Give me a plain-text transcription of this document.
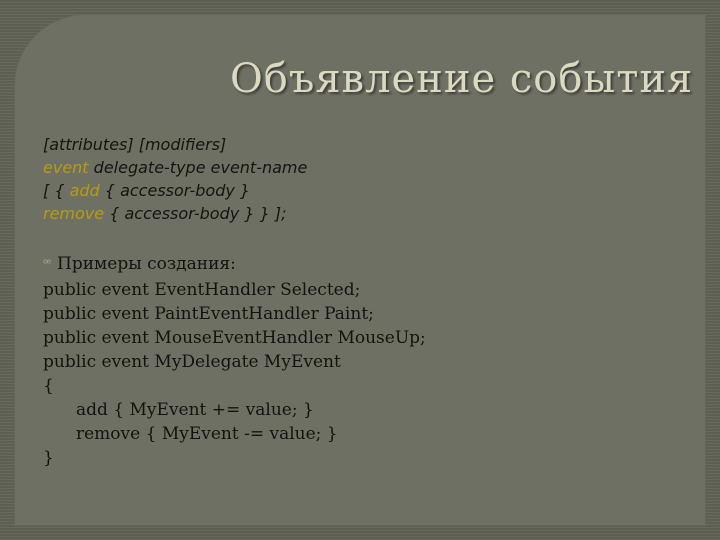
Объявление события
[attributes] [modifiers]
event delegate-type event-name
[ { add { accessor-body }
remove { accessor-body } } ];
ꟹ Примеры создания:
public event EventHandler Selected;
public event PaintEventHandler Paint;
public event MouseEventHandler MouseUp;
public event MyDelegate MyEvent
{
add { MyEvent += value; }
remove { MyEvent -= value; }
}
